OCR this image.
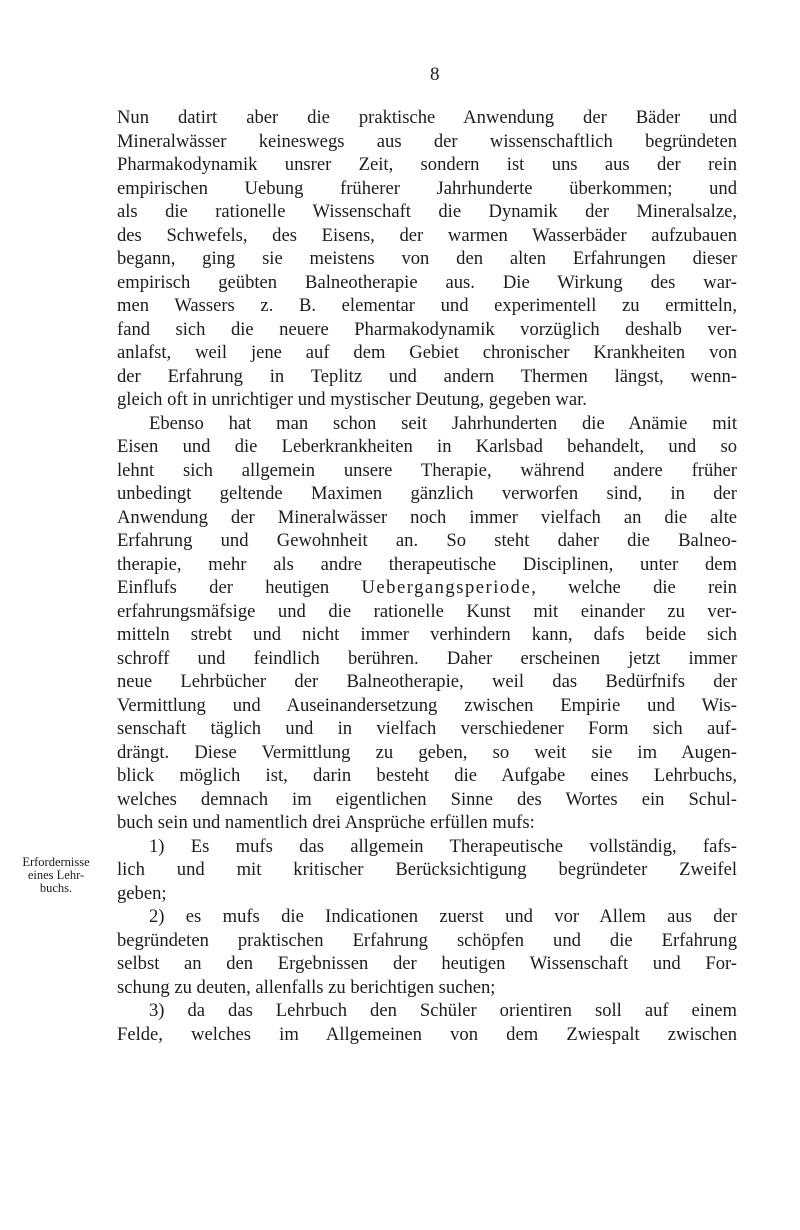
8
Nun datirt aber die praktische Anwendung der Bäder und
Mineralwässer keineswegs aus der wissenschaftlich begründeten
Pharmakodynamik unsrer Zeit, sondern ist uns aus der rein
empirischen Uebung früherer Jahrhunderte überkommen; und
als die rationelle Wissenschaft die Dynamik der Mineralsalze,
des Schwefels, des Eisens, der warmen Wasserbäder aufzubauen
begann, ging sie meistens von den alten Erfahrungen dieser
empirisch geübten Balneotherapie aus. Die Wirkung des war-
men Wassers z. B. elementar und experimentell zu ermitteln,
fand sich die neuere Pharmakodynamik vorzüglich deshalb ver-
anlafst, weil jene auf dem Gebiet chronischer Krankheiten von
der Erfahrung in Teplitz und andern Thermen längst, wenn-
gleich oft in unrichtiger und mystischer Deutung, gegeben war.
Ebenso hat man schon seit Jahrhunderten die Anämie mit
Eisen und die Leberkrankheiten in Karlsbad behandelt, und so
lehnt sich allgemein unsere Therapie, während andere früher
unbedingt geltende Maximen gänzlich verworfen sind, in der
Anwendung der Mineralwässer noch immer vielfach an die alte
Erfahrung und Gewohnheit an. So steht daher die Balneo-
therapie, mehr als andre therapeutische Disciplinen, unter dem
Einflufs der heutigen Uebergangsperiode, welche die rein
erfahrungsmäfsige und die rationelle Kunst mit einander zu ver-
mitteln strebt und nicht immer verhindern kann, dafs beide sich
schroff und feindlich berühren. Daher erscheinen jetzt immer
neue Lehrbücher der Balneotherapie, weil das Bedürfnifs der
Vermittlung und Auseinandersetzung zwischen Empirie und Wis-
senschaft täglich und in vielfach verschiedener Form sich auf-
drängt. Diese Vermittlung zu geben, so weit sie im Augen-
blick möglich ist, darin besteht die Aufgabe eines Lehrbuchs,
welches demnach im eigentlichen Sinne des Wortes ein Schul-
buch sein und namentlich drei Ansprüche erfüllen mufs:
1) Es mufs das allgemein Therapeutische vollständig, fafs-
lich und mit kritischer Berücksichtigung begründeter Zweifel
geben;
2) es mufs die Indicationen zuerst und vor Allem aus der
begründeten praktischen Erfahrung schöpfen und die Erfahrung
selbst an den Ergebnissen der heutigen Wissenschaft und For-
schung zu deuten, allenfalls zu berichtigen suchen;
3) da das Lehrbuch den Schüler orientiren soll auf einem
Felde, welches im Allgemeinen von dem Zwiespalt zwischen
Erfordernisse
eines Lehr-
buchs.
